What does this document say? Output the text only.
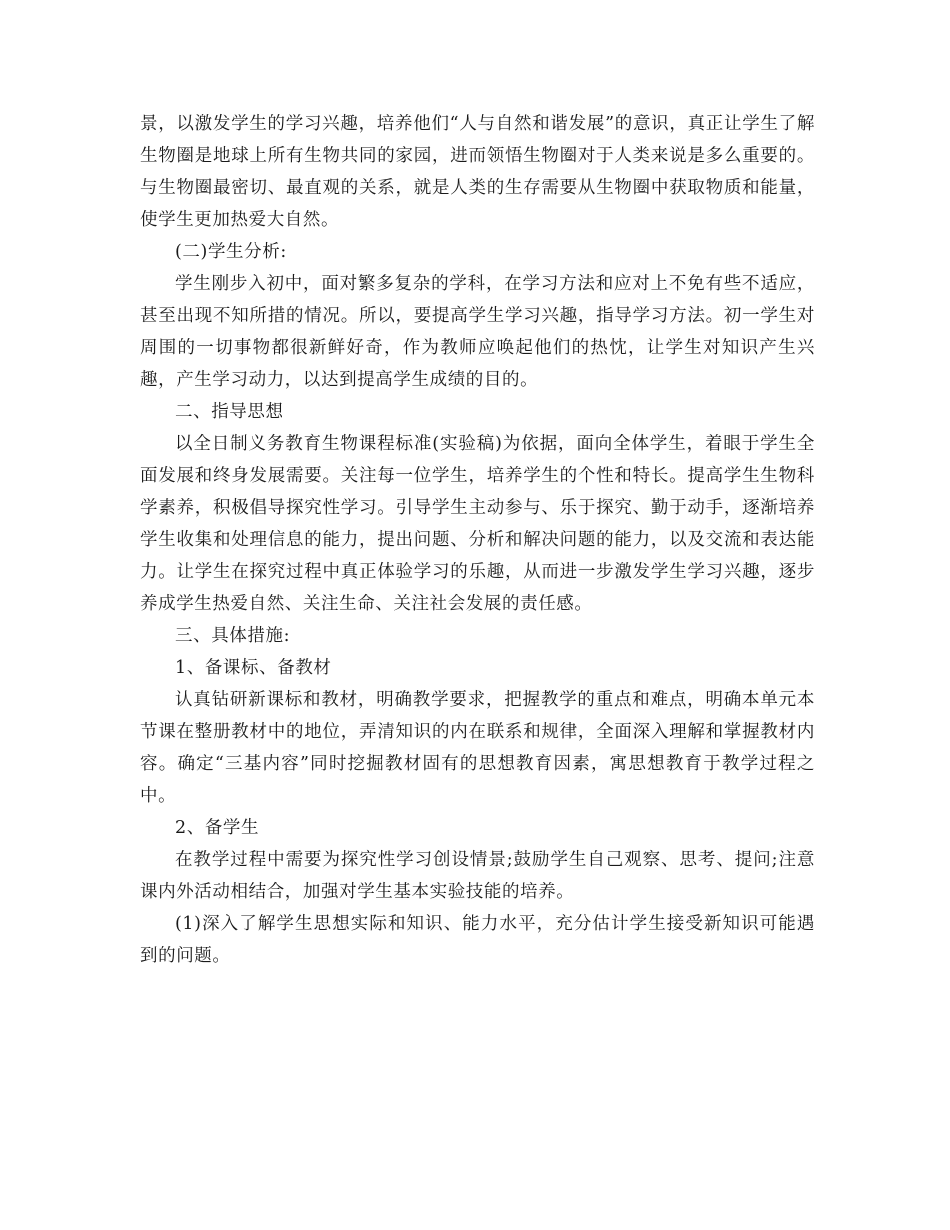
景，以激发学生的学习兴趣，培养他们“人与自然和谐发展”的意识，真正让学生了解生物圈是地球上所有生物共同的家园，进而领悟生物圈对于人类来说是多么重要的。与生物圈最密切、最直观的关系，就是人类的生存需要从生物圈中获取物质和能量，使学生更加热爱大自然。

(二)学生分析:

学生刚步入初中，面对繁多复杂的学科，在学习方法和应对上不免有些不适应，甚至出现不知所措的情况。所以，要提高学生学习兴趣，指导学习方法。初一学生对周围的一切事物都很新鲜好奇，作为教师应唤起他们的热忱，让学生对知识产生兴趣，产生学习动力，以达到提高学生成绩的目的。

二、指导思想

以全日制义务教育生物课程标准(实验稿)为依据，面向全体学生，着眼于学生全面发展和终身发展需要。关注每一位学生，培养学生的个性和特长。提高学生生物科学素养，积极倡导探究性学习。引导学生主动参与、乐于探究、勤于动手，逐渐培养学生收集和处理信息的能力，提出问题、分析和解决问题的能力，以及交流和表达能力。让学生在探究过程中真正体验学习的乐趣，从而进一步激发学生学习兴趣，逐步养成学生热爱自然、关注生命、关注社会发展的责任感。

三、具体措施:

1、备课标、备教材

认真钻研新课标和教材，明确教学要求，把握教学的重点和难点，明确本单元本节课在整册教材中的地位，弄清知识的内在联系和规律，全面深入理解和掌握教材内容。确定“三基内容”同时挖掘教材固有的思想教育因素，寓思想教育于教学过程之中。

2、备学生

在教学过程中需要为探究性学习创设情景;鼓励学生自己观察、思考、提问;注意课内外活动相结合，加强对学生基本实验技能的培养。

(1)深入了解学生思想实际和知识、能力水平，充分估计学生接受新知识可能遇到的问题。
